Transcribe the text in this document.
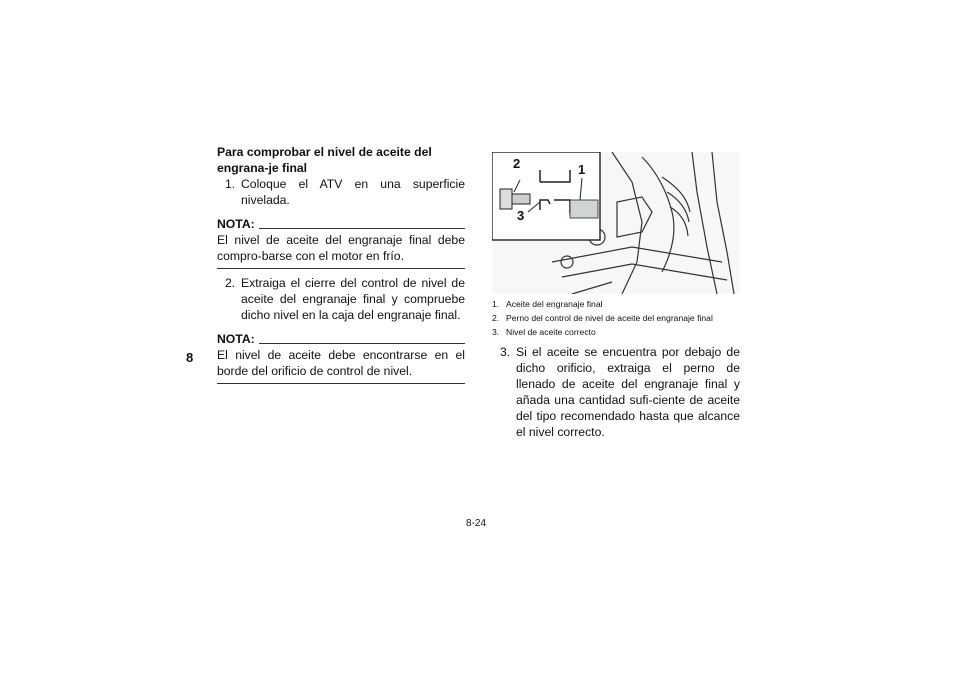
8

Para comprobar el nivel de aceite del engrana-je final

1. Coloque el ATV en una superficie nivelada.
NOTA:
El nivel de aceite del engranaje final debe compro-barse con el motor en frío.
2. Extraiga el cierre del control de nivel de aceite del engranaje final y compruebe dicho nivel en la caja del engranaje final.
NOTA:
El nivel de aceite debe encontrarse en el borde del orificio de control de nivel.
2	1
3
1. Aceite del engranaje final
2. Perno del control de nivel de aceite del engranaje final
3. Nivel de aceite correcto
3. Si el aceite se encuentra por debajo de dicho orificio, extraiga el perno de llenado de aceite del engranaje final y añada una cantidad sufi-ciente de aceite del tipo recomendado hasta que alcance el nivel correcto.
8-24
